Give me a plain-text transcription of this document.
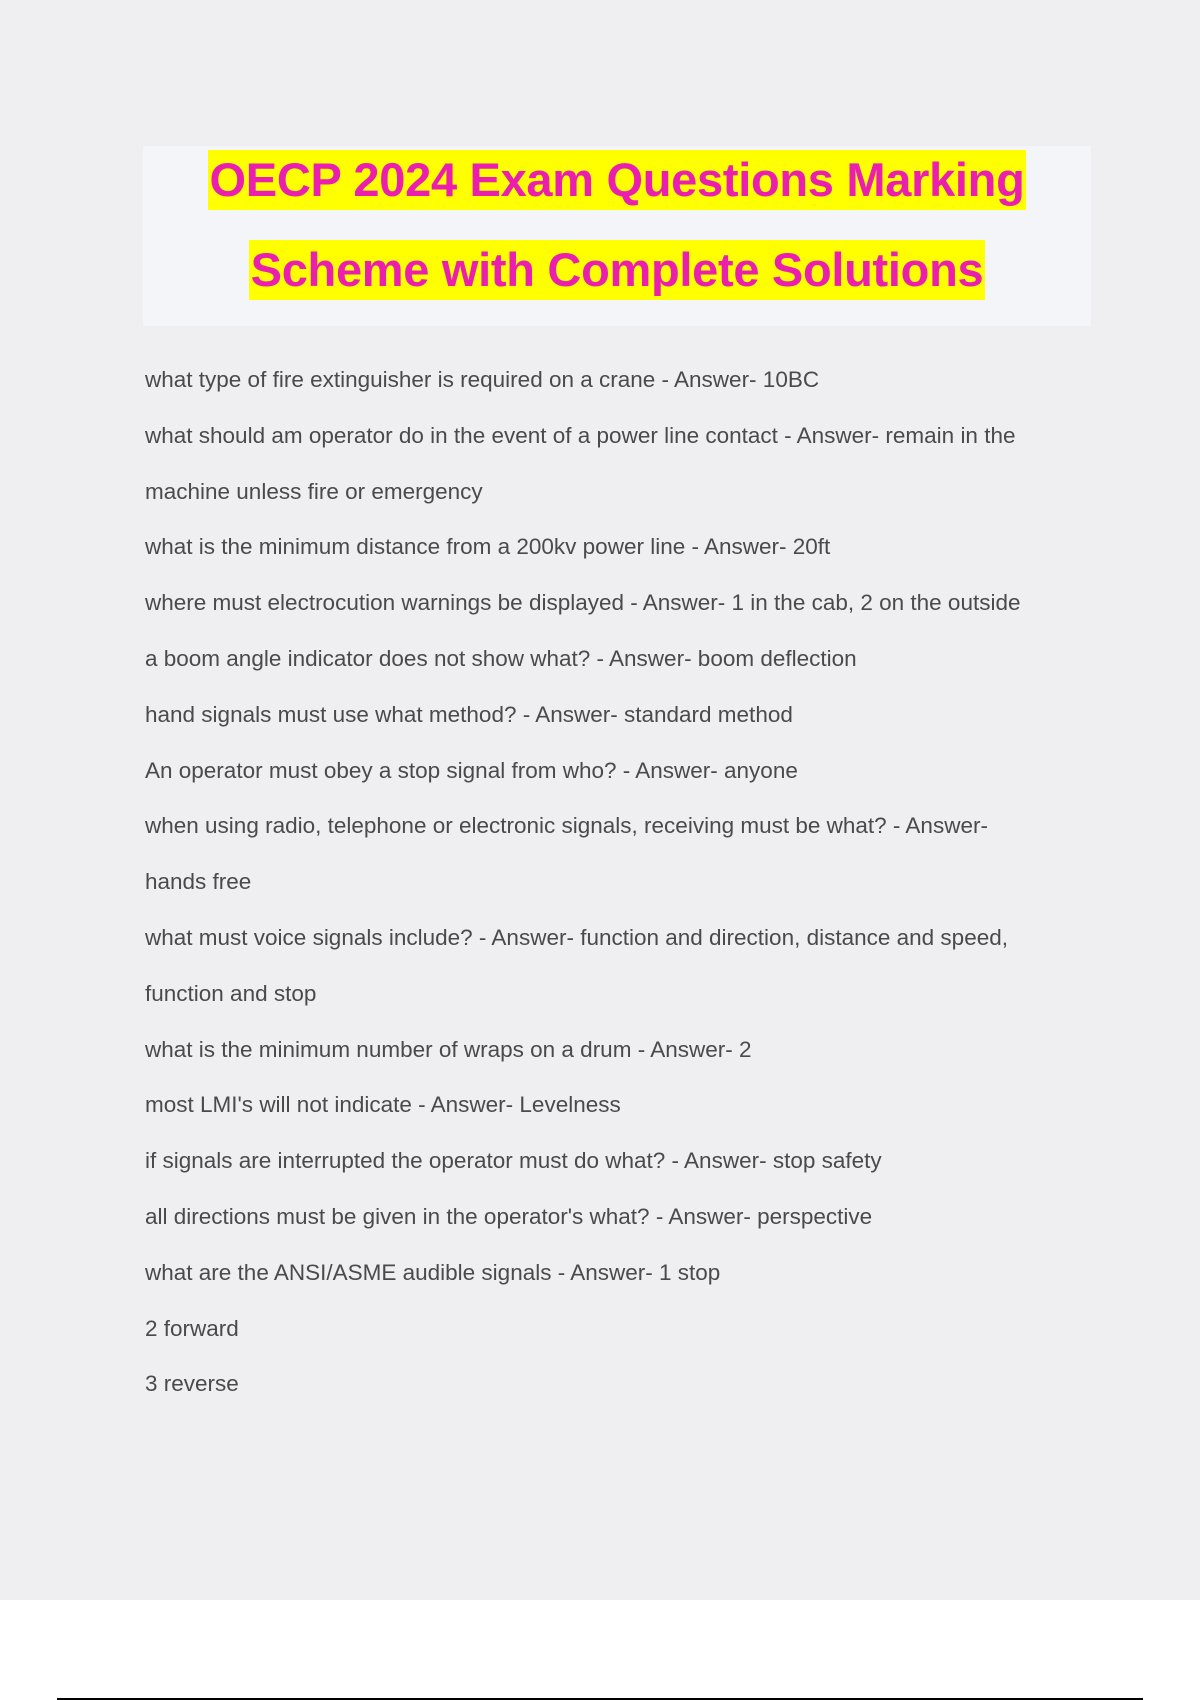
OECP 2024 Exam Questions Marking
Scheme with Complete Solutions
what type of fire extinguisher is required on a crane - Answer- 10BC
what should am operator do in the event of a power line contact - Answer- remain in the
machine unless fire or emergency
what is the minimum distance from a 200kv power line - Answer- 20ft
where must electrocution warnings be displayed - Answer- 1 in the cab, 2 on the outside
a boom angle indicator does not show what? - Answer- boom deflection
hand signals must use what method? - Answer- standard method
An operator must obey a stop signal from who? - Answer- anyone
when using radio, telephone or electronic signals, receiving must be what? - Answer-
hands free
what must voice signals include? - Answer- function and direction, distance and speed,
function and stop
what is the minimum number of wraps on a drum - Answer- 2
most LMI's will not indicate - Answer- Levelness
if signals are interrupted the operator must do what? - Answer- stop safety
all directions must be given in the operator's what? - Answer- perspective
what are the ANSI/ASME audible signals - Answer- 1 stop
2 forward
3 reverse
